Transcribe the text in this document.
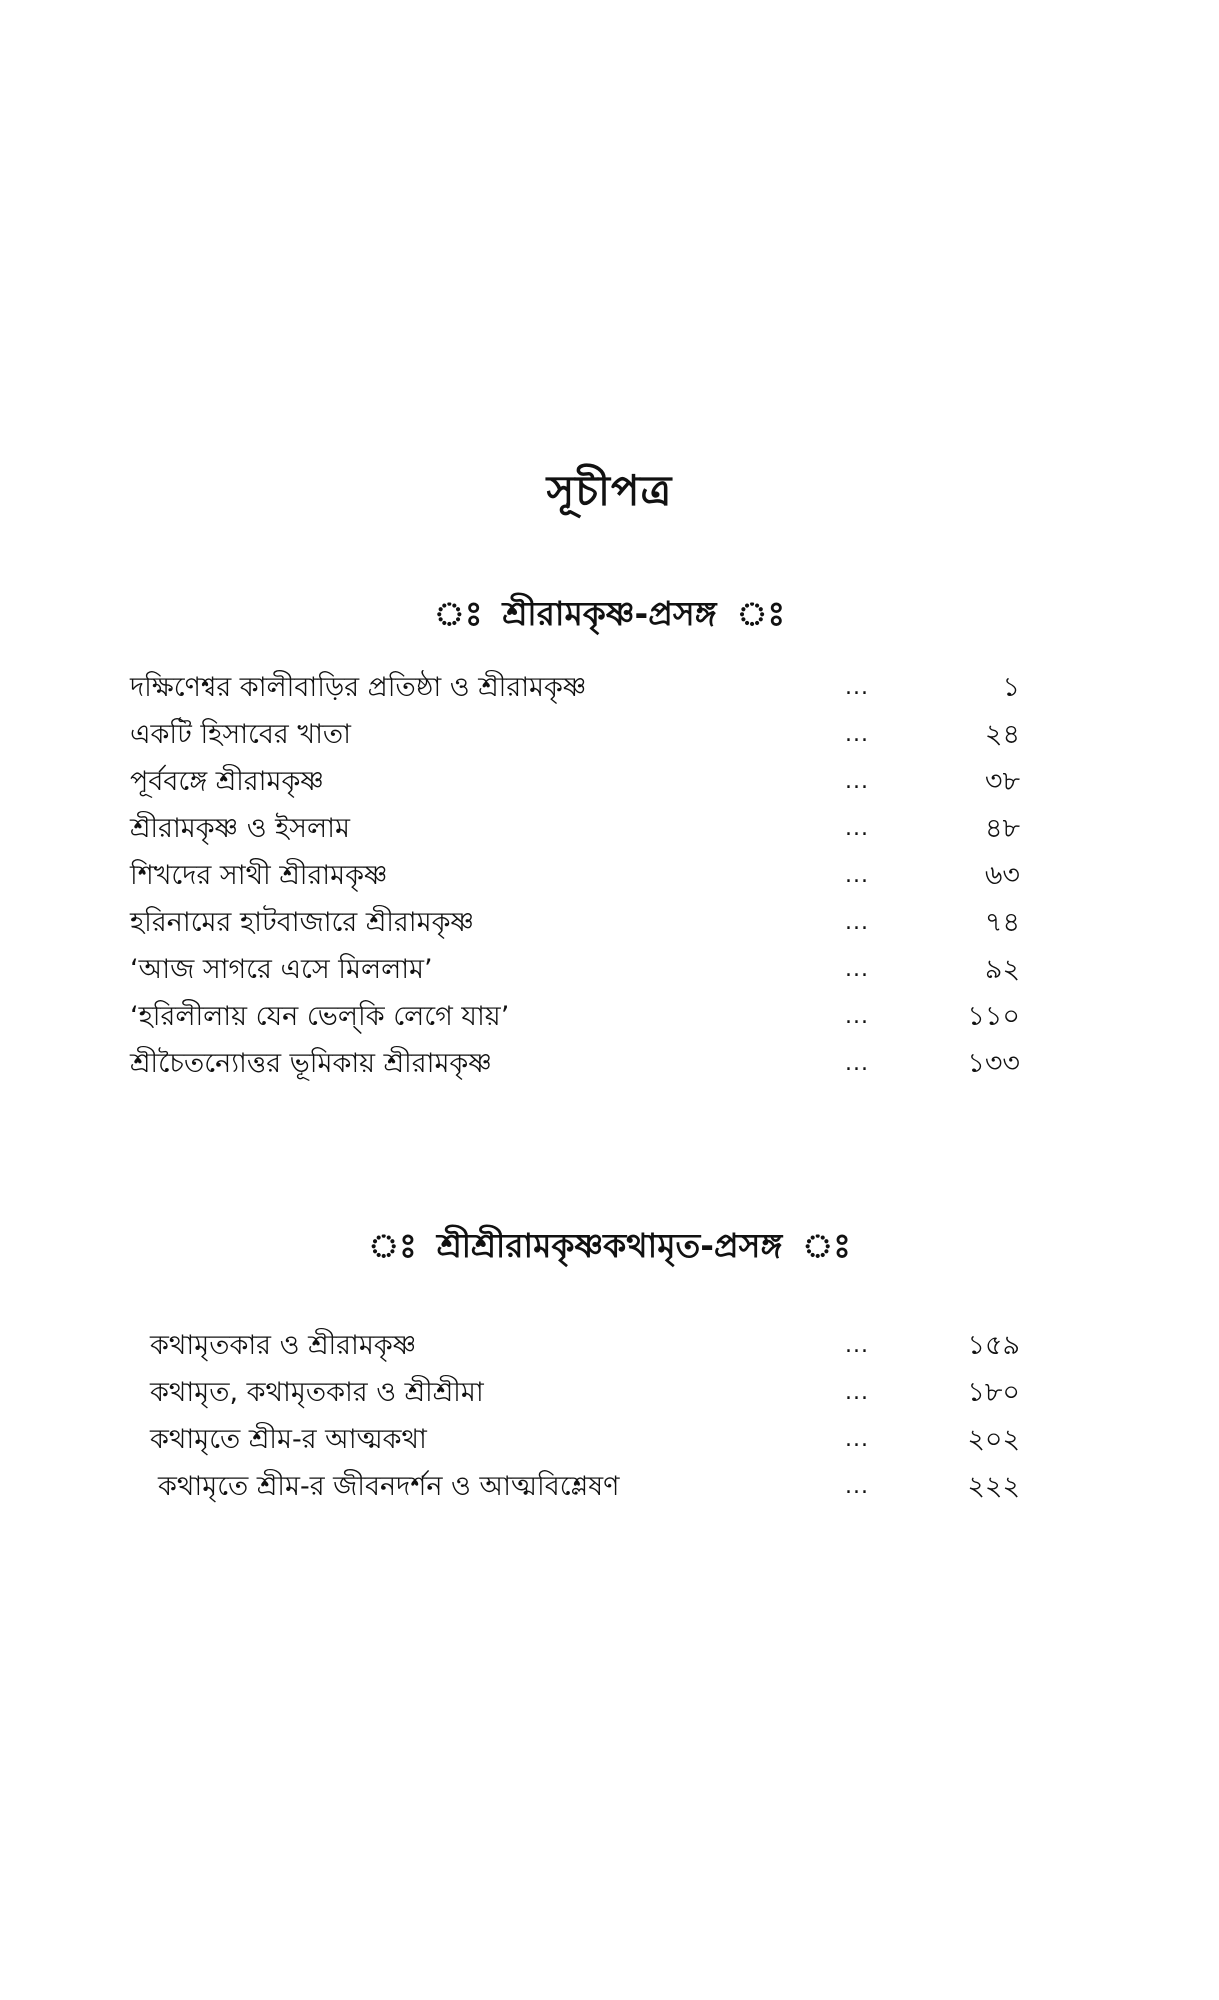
সূচীপত্র
ঃ শ্রীরামকৃষ্ণ-প্রসঙ্গ ঃ
দক্ষিণেশ্বর কালীবাড়ির প্রতিষ্ঠা ও শ্রীরামকৃষ্ণ	...	১
একটি হিসাবের খাতা	...	২৪
পূর্ববঙ্গে শ্রীরামকৃষ্ণ	...	৩৮
শ্রীরামকৃষ্ণ ও ইসলাম	...	৪৮
শিখদের সাথী শ্রীরামকৃষ্ণ	...	৬৩
হরিনামের হাটবাজারে শ্রীরামকৃষ্ণ	...	৭৪
‘আজ সাগরে এসে মিললাম’	...	৯২
‘হরিলীলায় যেন ভেল্‌কি লেগে যায়’	...	১১০
শ্রীচৈতন্যোত্তর ভূমিকায় শ্রীরামকৃষ্ণ	...	১৩৩
ঃ শ্রীশ্রীরামকৃষ্ণকথামৃত-প্রসঙ্গ ঃ
কথামৃতকার ও শ্রীরামকৃষ্ণ	...	১৫৯
কথামৃত, কথামৃতকার ও শ্রীশ্রীমা	...	১৮০
কথামৃতে শ্রীম-র আত্মকথা	...	২০২
কথামৃতে শ্রীম-র জীবনদর্শন ও আত্মবিশ্লেষণ	...	২২২
